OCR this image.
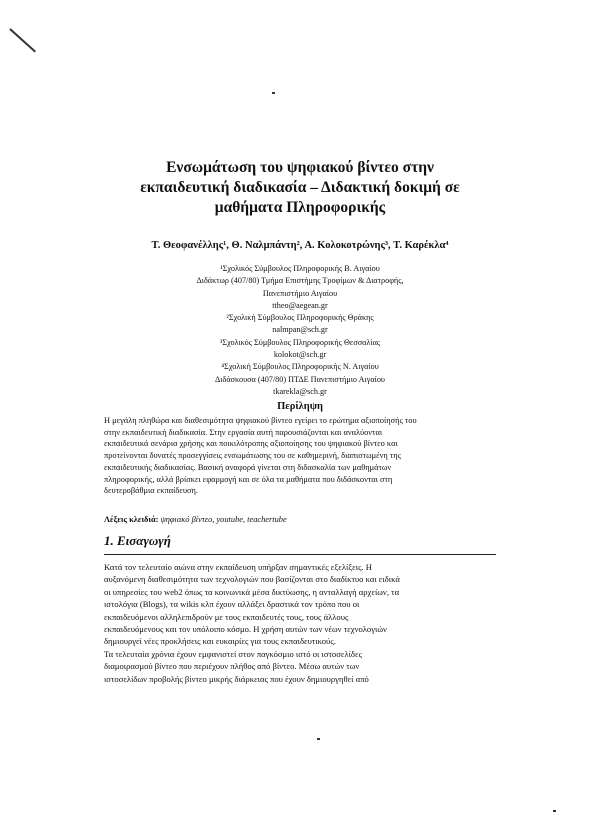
Ενσωμάτωση του ψηφιακού βίντεο στην
εκπαιδευτική διαδικασία – Διδακτική δοκιμή σε
μαθήματα Πληροφορικής
Τ. Θεοφανέλλης¹, Θ. Ναλμπάντη², Α. Κολοκοτρώνης³, Τ. Καρέκλα⁴
¹Σχολικός Σύμβουλος Πληροφορικής Β. Αιγαίου
Διδάκτωρ (407/80) Τμήμα Επιστήμης Τροφίμων & Διατροφής,
Πανεπιστήμιο Αιγαίου
ttheo@aegean.gr
²Σχολική Σύμβουλος Πληροφορικής Θράκης
nalmpan@sch.gr
³Σχολικός Σύμβουλος Πληροφορικής Θεσσαλίας
kolokot@sch.gr
⁴Σχολική Σύμβουλος Πληροφορικής Ν. Αιγαίου
Διδάσκουσα (407/80) ΠΤΔΕ Πανεπιστήμιο Αιγαίου
tkarekla@sch.gr
Περίληψη
Η μεγάλη πληθώρα και διαθεσιμότητα ψηφιακού βίντεο εγείρει το ερώτημα αξιοποίησής του
στην εκπαιδευτική διαδικασία. Στην εργασία αυτή παρουσιάζονται και αναλύονται
εκπαιδευτικά σενάρια χρήσης και ποικιλότροπης αξιοποίησης του ψηφιακού βίντεο και
προτείνονται δυνατές προσεγγίσεις ενσωμάτωσης του σε καθημερινή, διαπιστωμένη της
εκπαιδευτικής διαδικασίας. Βασική αναφορά γίνεται στη διδασκαλία των μαθημάτων
πληροφορικής, αλλά βρίσκει εφαρμογή και σε όλα τα μαθήματα που διδάσκονται στη
δευτεροβάθμια εκπαίδευση.
Λέξεις κλειδιά: ψηφιακό βίντεο, youtube, teachertube
1. Εισαγωγή
Κατά τον τελευταίο αιώνα στην εκπαίδευση υπήρξαν σημαντικές εξελίξεις. Η
αυξανόμενη διαθεσιμότητα των τεχνολογιών που βασίζονται στο διαδίκτυο και ειδικά
οι υπηρεσίες του web2 όπως τα κοινωνικά μέσα δικτύωσης, η ανταλλαγή αρχείων, τα
ιστολόγια (Blogs), τα wikis κλπ έχουν αλλάξει δραστικά τον τρόπο που οι
εκπαιδευόμενοι αλληλεπιδρούν με τους εκπαιδευτές τους, τους άλλους
εκπαιδευόμενους και τον υπόλοιπο κόσμο. Η χρήση αυτών των νέων τεχνολογιών
δημιουργεί νέες προκλήσεις και ευκαιρίες για τους εκπαιδευτικούς.
Τα τελευταία χρόνια έχουν εμφανιστεί στον παγκόσμιο ιστό οι ιστοσελίδες
διαμοιρασμού βίντεο που περιέχουν πλήθος από βίντεο. Μέσω αυτών των
ιστοσελίδων προβολής βίντεο μικρής διάρκειας που έχουν δημιουργηθεί από
